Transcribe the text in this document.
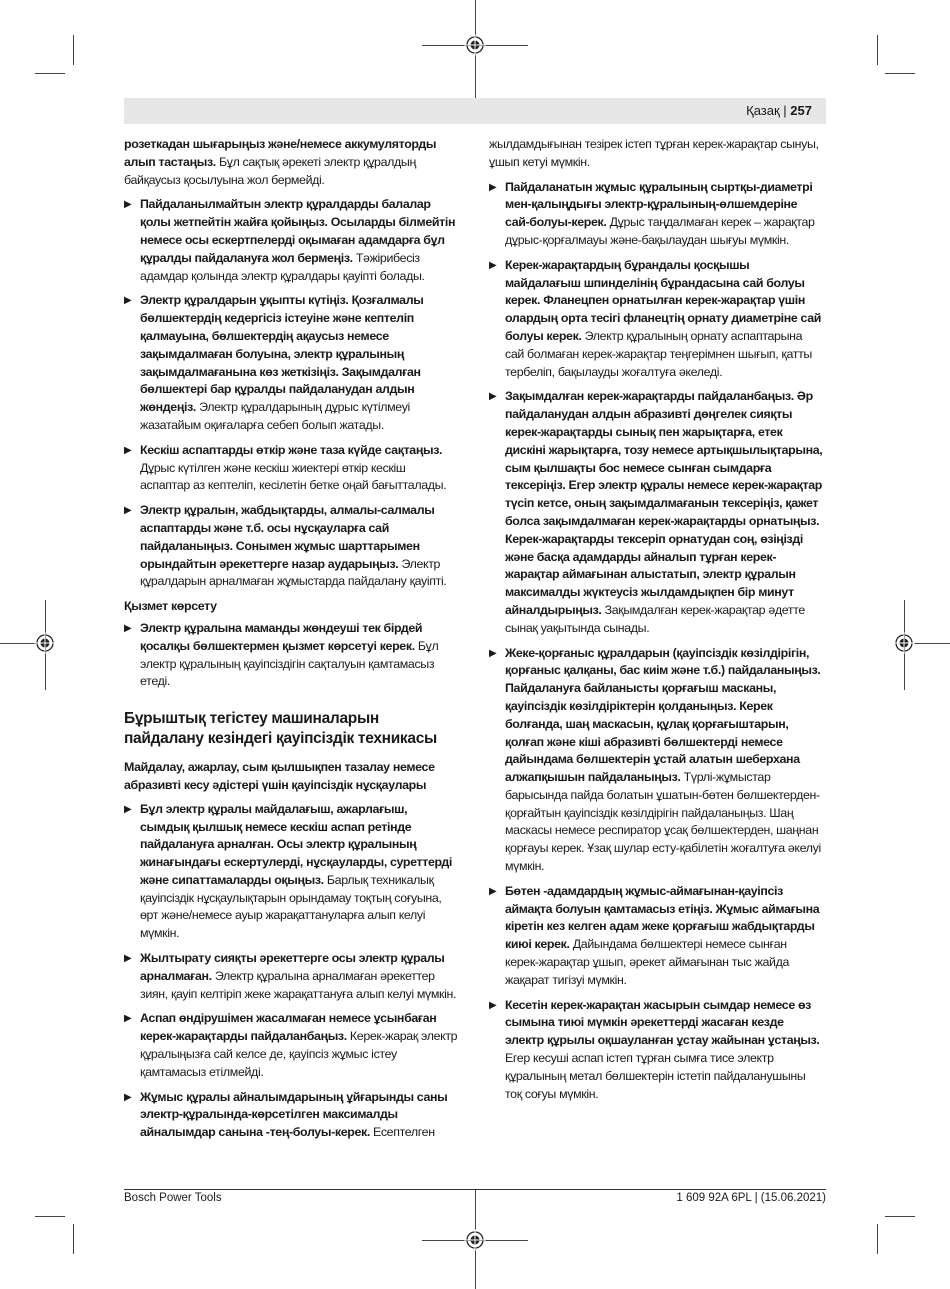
Қазақ | 257

розеткадан шығарыңыз және/немесе аккумуляторды алып тастаңыз. Бұл сақтық әрекеті электр құралдың байқаусыз қосылуына жол бермейді.

▶ Пайдаланылмайтын электр құралдарды балалар қолы жетпейтін жайға қойыңыз. Осыларды білмейтін немесе осы ескертпелерді оқымаған адамдарға бұл құралды пайдалануға жол бермеңіз. Тәжірибесіз адамдар қолында электр құралдары қауіпті болады.
▶ Электр құралдарын ұқыпты күтіңіз. Қозғалмалы бөлшектердің кедергісіз істеуіне және кептеліп қалмауына, бөлшектердің ақаусыз немесе зақымдалмаған болуына, электр құралының зақымдалмағанына көз жеткізіңіз. Зақымдалған бөлшектері бар құралды пайдаланудан алдын жөндеңіз. Электр құралдарының дұрыс күтілмеуі жазатайым оқиғаларға себеп болып жатады.
▶ Кескіш аспаптарды өткір және таза күйде сақтаңыз. Дұрыс күтілген және кескіш жиектері өткір кескіш аспаптар аз кептеліп, кесілетін бетке оңай бағытталады.
▶ Электр құралын, жабдықтарды, алмалы-салмалы аспаптарды және т.б. осы нұсқауларға сай пайдаланыңыз. Сонымен жұмыс шарттарымен орындайтын әрекеттерге назар аударыңыз. Электр құралдарын арналмаған жұмыстарда пайдалану қауіпті.
Қызмет көрсету
▶ Электр құралына маманды жөндеуші тек бірдей қосалқы бөлшектермен қызмет көрсетуі керек. Бұл электр құралының қауіпсіздігін сақталуын қамтамасыз етеді.
Бұрыштық тегістеу машиналарын пайдалану кезіндегі қауіпсіздік техникасы
Майдалау, ажарлау, сым қылшықпен тазалау немесе абразивті кесу әдістері үшін қауіпсіздік нұсқаулары
▶ Бұл электр құралы майдалағыш, ажарлағыш, сымдық қылшық немесе кескіш аспап ретінде пайдалануға арналған. Осы электр құралының жинағындағы ескертулерді, нұсқауларды, суреттерді және сипаттамаларды оқыңыз. Барлық техникалық қауіпсіздік нұсқаулықтарын орындамау тоқтың соғуына, өрт және/немесе ауыр жарақаттануларға алып келуі мүмкін.
▶ Жылтырату сияқты әрекеттерге осы электр құралы арналмаған. Электр құралына арналмаған әрекеттер зиян, қауіп келтіріп жеке жарақаттануға алып келуі мүмкін.
▶ Аспап өндірушімен жасалмаған немесе ұсынбаған керек-жарақтарды пайдаланбаңыз. Керек-жарақ электр құралыңызға сай келсе де, қауіпсіз жұмыс істеу қамтамасыз етілмейді.
▶ Жұмыс құралы айналымдарының ұйғарынды саны электр-құралында-көрсетілген максималды айналымдар санына -тең-болуы-керек. Есептелген

жылдамдығынан тезірек істеп тұрған керек-жарақтар сынуы, ұшып кетуі мүмкін.

▶ Пайдаланатын жұмыс құралының сыртқы-диаметрі мен-қалыңдығы электр-құралының-өлшемдеріне сай-болуы-керек. Дұрыс таңдалмаған керек – жарақтар дұрыс-қорғалмауы және-бақылаудан шығуы мүмкін.
▶ Керек-жарақтардың бұрандалы қосқышы майдалағыш шпинделінің бұрандасына сай болуы керек. Фланецпен орнатылған керек-жарақтар үшін олардың орта тесігі фланецтің орнату диаметріне сай болуы керек. Электр құралының орнату аспаптарына сай болмаған керек-жарақтар теңгерімнен шығып, қатты тербеліп, бақылауды жоғалтуға әкеледі.
▶ Зақымдалған керек-жарақтарды пайдаланбаңыз. Әр пайдаланудан алдын абразивті дөңгелек сияқты керек-жарақтарды сынық пен жарықтарға, етек дискіні жарықтарға, тозу немесе артықшылықтарына, сым қылшақты бос немесе сынған сымдарға тексеріңіз. Егер электр құралы немесе керек-жарақтар түсіп кетсе, оның зақымдалмағанын тексеріңіз, қажет болса зақымдалмаған керек-жарақтарды орнатыңыз. Керек-жарақтарды тексеріп орнатудан соң, өзіңізді және басқа адамдарды айналып тұрған керек-жарақтар аймағынан алыстатып, электр құралын максималды жүктеусіз жылдамдықпен бір минут айналдырыңыз. Зақымдалған керек-жарақтар әдетте сынақ уақытында сынады.
▶ Жеке-қорғаныс құралдарын (қауіпсіздік көзілдірігін, қорғаныс қалқаны, бас киім және т.б.) пайдаланыңыз. Пайдалануға байланысты қорғағыш масканы, қауіпсіздік көзілдіріктерін қолданыңыз. Керек болғанда, шаң маскасын, құлақ қорғағыштарын, қолғап және кіші абразивті бөлшектерді немесе дайындама бөлшектерін ұстай алатын шеберхана алжапқышын пайдаланыңыз. Түрлі-жұмыстар барысында пайда болатын ұшатын-бөтен бөлшектерден-қорғайтын қауіпсіздік көзілдірігін пайдаланыңыз. Шаң маскасы немесе респиратор ұсақ бөлшектерден, шаңнан қорғауы керек. Ұзақ шулар есту-қабілетін жоғалтуға әкелуі мүмкін.
▶ Бөтен -адамдардың жұмыс-аймағынан-қауіпсіз аймақта болуын қамтамасыз етіңіз. Жұмыс аймағына кіретін кез келген адам жеке қорғағыш жабдықтарды киюі керек. Дайындама бөлшектері немесе сынған керек-жарақтар ұшып, әрекет аймағынан тыс жайда жақарат тигізуі мүмкін.
▶ Кесетін керек-жарақтан жасырын сымдар немесе өз сымына тиюі мүмкін әрекеттерді жасаған кезде электр құрылы оқшауланған ұстау жайынан ұстаңыз. Егер кесуші аспап істеп тұрған сымға тисе электр құралының метал бөлшектерін істетіп пайдаланушыны тоқ соғуы мүмкін.
Bosch Power Tools	1 609 92A 6PL | (15.06.2021)
